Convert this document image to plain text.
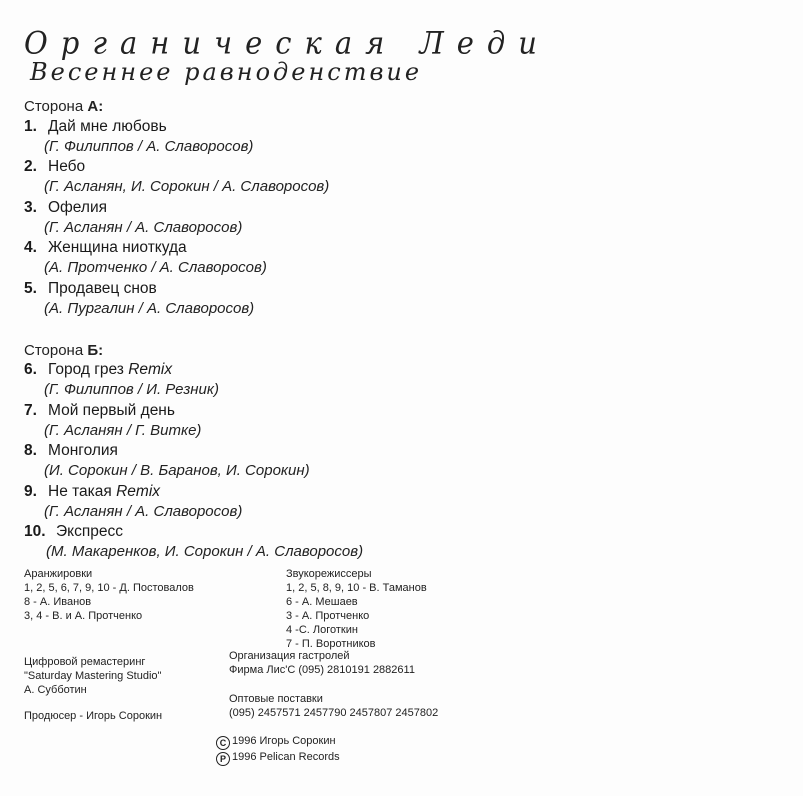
Органическая Леди
Весеннее равноденствие
Сторона А:
1. Дай мне любовь
(Г. Филиппов / А. Славоросов)
2. Небо
(Г. Асланян, И. Сорокин / А. Славоросов)
3. Офелия
(Г. Асланян / А. Славоросов)
4. Женщина ниоткуда
(А. Протченко / А. Славоросов)
5. Продавец снов
(А. Пургалин / А. Славоросов)
Сторона Б:
6. Город грез Remix
(Г. Филиппов / И. Резник)
7. Мой первый день
(Г. Асланян / Г. Витке)
8. Монголия
(И. Сорокин / В. Баранов, И. Сорокин)
9. Не такая Remix
(Г. Асланян / А. Славоросов)
10. Экспресс
(М. Макаренков, И. Сорокин / А. Славоросов)
Аранжировки
1, 2, 5, 6, 7, 9, 10 - Д. Постовалов
8 - А. Иванов
3, 4 - В. и А. Протченко
Звукорежиссеры
1, 2, 5, 8, 9, 10 - В. Таманов
6 - А. Мешаев
3 - А. Протченко
4 -С. Логоткин
7 - П. Воротников
Организация гастролей
Фирма Лис'С (095) 2810191 2882611
Цифровой ремастеринг
"Saturday Mastering Studio"
А. Субботин
Оптовые поставки
(095) 2457571 2457790 2457807 2457802
Продюсер - Игорь Сорокин
C 1996 Игорь Сорокин
P 1996 Pelican Records
